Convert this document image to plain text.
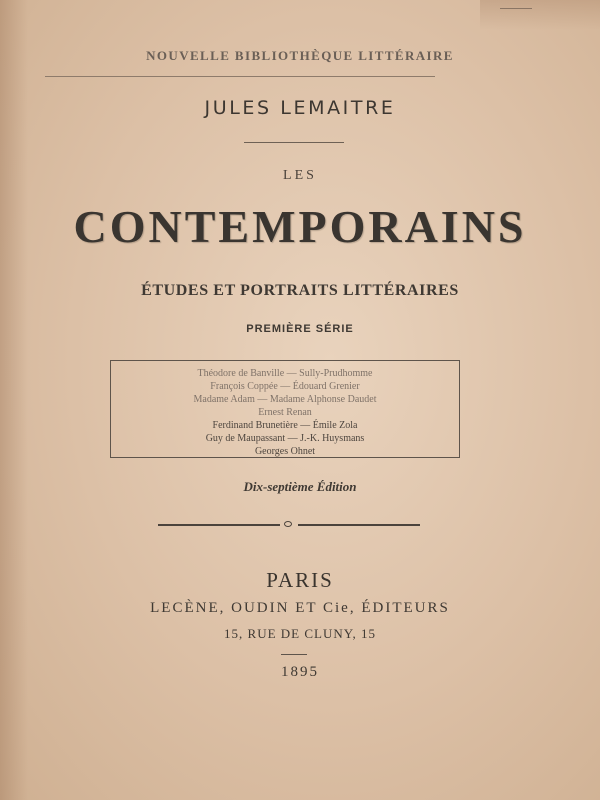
NOUVELLE BIBLIOTHÈQUE LITTÉRAIRE
JULES LEMAITRE
LES
CONTEMPORAINS
ÉTUDES ET PORTRAITS LITTÉRAIRES
PREMIÈRE SÉRIE
Théodore de Banville — Sully-Prudhomme
François Coppée — Édouard Grenier
Madame Adam — Madame Alphonse Daudet
Ernest Renan
Ferdinand Brunetière — Émile Zola
Guy de Maupassant — J.-K. Huysmans
Georges Ohnet
Dix-septième Édition
PARIS
LECÈNE, OUDIN ET Cie, ÉDITEURS
15, RUE DE CLUNY, 15
1895
